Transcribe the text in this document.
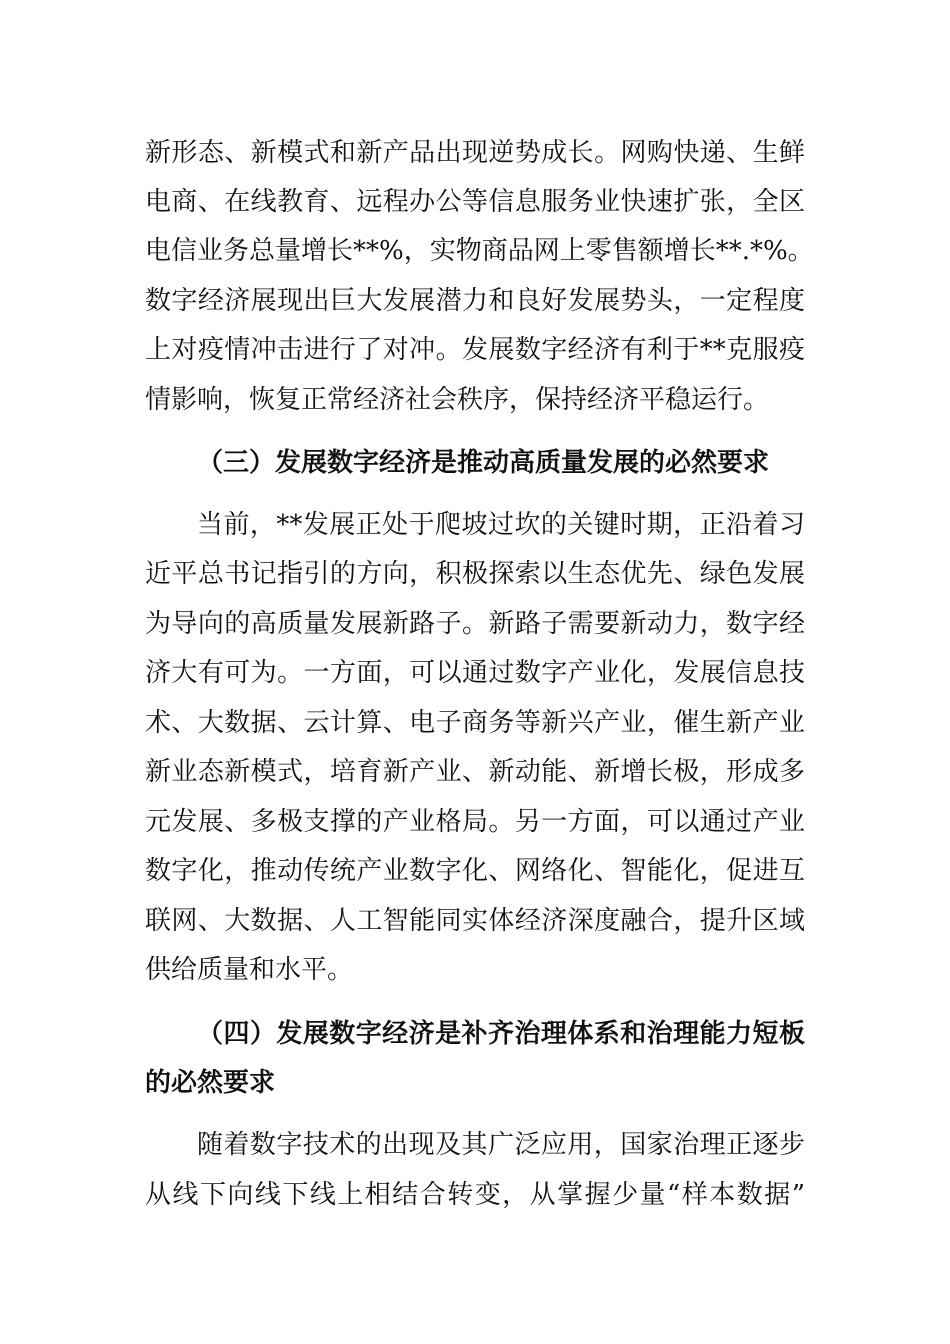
新形态、新模式和新产品出现逆势成长。网购快递、生鲜
电商、在线教育、远程办公等信息服务业快速扩张，全区
电信业务总量增长**%，实物商品网上零售额增长**.*%。
数字经济展现出巨大发展潜力和良好发展势头，一定程度
上对疫情冲击进行了对冲。发展数字经济有利于**克服疫
情影响，恢复正常经济社会秩序，保持经济平稳运行。
（三）发展数字经济是推动高质量发展的必然要求
当前，**发展正处于爬坡过坎的关键时期，正沿着习
近平总书记指引的方向，积极探索以生态优先、绿色发展
为导向的高质量发展新路子。新路子需要新动力，数字经
济大有可为。一方面，可以通过数字产业化，发展信息技
术、大数据、云计算、电子商务等新兴产业，催生新产业
新业态新模式，培育新产业、新动能、新增长极，形成多
元发展、多极支撑的产业格局。另一方面，可以通过产业
数字化，推动传统产业数字化、网络化、智能化，促进互
联网、大数据、人工智能同实体经济深度融合，提升区域
供给质量和水平。
（四）发展数字经济是补齐治理体系和治理能力短板
的必然要求
随着数字技术的出现及其广泛应用，国家治理正逐步
从线下向线下线上相结合转变，从掌握少量“样本数据”
